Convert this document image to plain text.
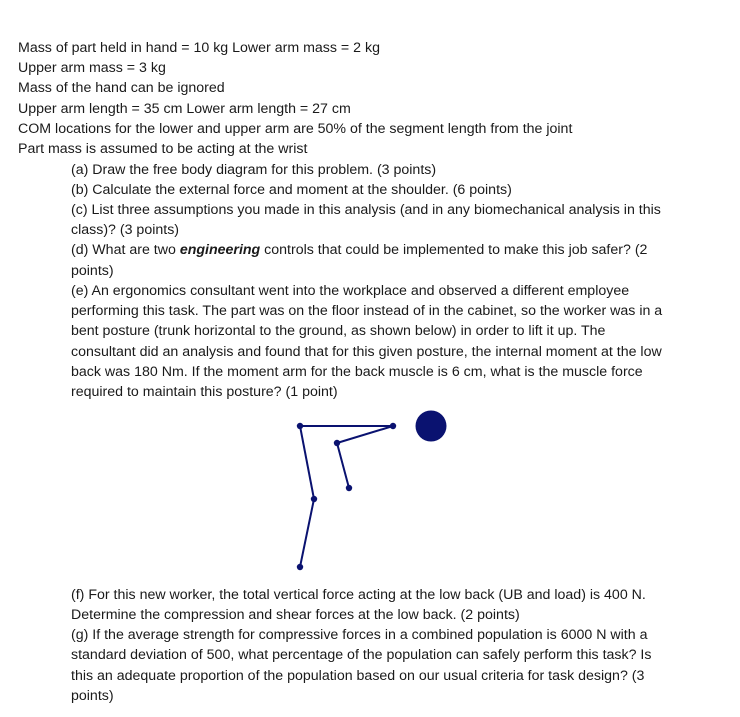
Mass of part held in hand = 10 kg Lower arm mass = 2 kg
Upper arm mass = 3 kg
Mass of the hand can be ignored
Upper arm length = 35 cm Lower arm length = 27 cm
COM locations for the lower and upper arm are 50% of the segment length from the joint
Part mass is assumed to be acting at the wrist
(a) Draw the free body diagram for this problem. (3 points)
(b) Calculate the external force and moment at the shoulder. (6 points)
(c) List three assumptions you made in this analysis (and in any biomechanical analysis in this
class)? (3 points)
(d) What are two engineering controls that could be implemented to make this job safer? (2
points)
(e) An ergonomics consultant went into the workplace and observed a different employee
performing this task. The part was on the floor instead of in the cabinet, so the worker was in a
bent posture (trunk horizontal to the ground, as shown below) in order to lift it up. The
consultant did an analysis and found that for this given posture, the internal moment at the low
back was 180 Nm. If the moment arm for the back muscle is 6 cm, what is the muscle force
required to maintain this posture? (1 point)
(f) For this new worker, the total vertical force acting at the low back (UB and load) is 400 N.
Determine the compression and shear forces at the low back. (2 points)
(g) If the average strength for compressive forces in a combined population is 6000 N with a
standard deviation of 500, what percentage of the population can safely perform this task? Is
this an adequate proportion of the population based on our usual criteria for task design? (3
points)
